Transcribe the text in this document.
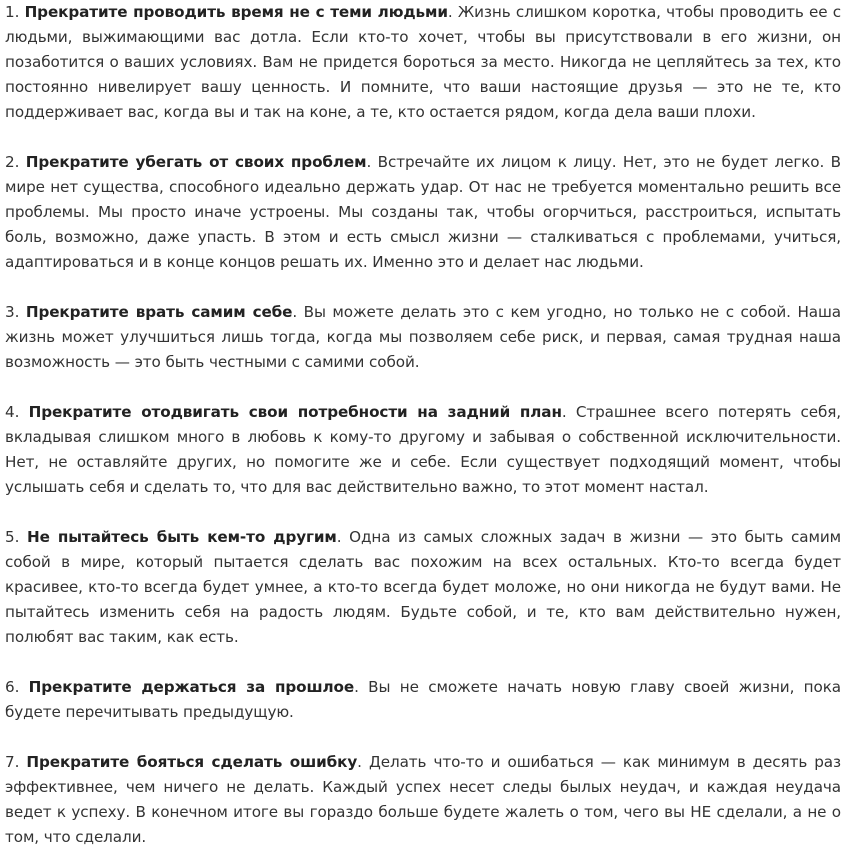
1. Прекратите проводить время не с теми людьми. Жизнь слишком коротка, чтобы проводить ее с людьми, выжимающими вас дотла. Если кто-то хочет, чтобы вы присутствовали в его жизни, он позаботится о ваших условиях. Вам не придется бороться за место. Никогда не цепляйтесь за тех, кто постоянно нивелирует вашу ценность. И помните, что ваши настоящие друзья — это не те, кто поддерживает вас, когда вы и так на коне, а те, кто остается рядом, когда дела ваши плохи.

2. Прекратите убегать от своих проблем. Встречайте их лицом к лицу. Нет, это не будет легко. В мире нет существа, способного идеально держать удар. От нас не требуется моментально решить все проблемы. Мы просто иначе устроены. Мы созданы так, чтобы огорчиться, расстроиться, испытать боль, возможно, даже упасть. В этом и есть смысл жизни — сталкиваться с проблемами, учиться, адаптироваться и в конце концов решать их. Именно это и делает нас людьми.

3. Прекратите врать самим себе. Вы можете делать это с кем угодно, но только не с собой. Наша жизнь может улучшиться лишь тогда, когда мы позволяем себе риск, и первая, самая трудная наша возможность — это быть честными с самими собой.

4. Прекратите отодвигать свои потребности на задний план. Страшнее всего потерять себя, вкладывая слишком много в любовь к кому-то другому и забывая о собственной исключительности. Нет, не оставляйте других, но помогите же и себе. Если существует подходящий момент, чтобы услышать себя и сделать то, что для вас действительно важно, то этот момент настал.

5. Не пытайтесь быть кем-то другим. Одна из самых сложных задач в жизни — это быть самим собой в мире, который пытается сделать вас похожим на всех остальных. Кто-то всегда будет красивее, кто-то всегда будет умнее, а кто-то всегда будет моложе, но они никогда не будут вами. Не пытайтесь изменить себя на радость людям. Будьте собой, и те, кто вам действительно нужен, полюбят вас таким, как есть.

6. Прекратите держаться за прошлое. Вы не сможете начать новую главу своей жизни, пока будете перечитывать предыдущую.

7. Прекратите бояться сделать ошибку. Делать что-то и ошибаться — как минимум в десять раз эффективнее, чем ничего не делать. Каждый успех несет следы былых неудач, и каждая неудача ведет к успеху. В конечном итоге вы гораздо больше будете жалеть о том, чего вы НЕ сделали, а не о том, что сделали.
